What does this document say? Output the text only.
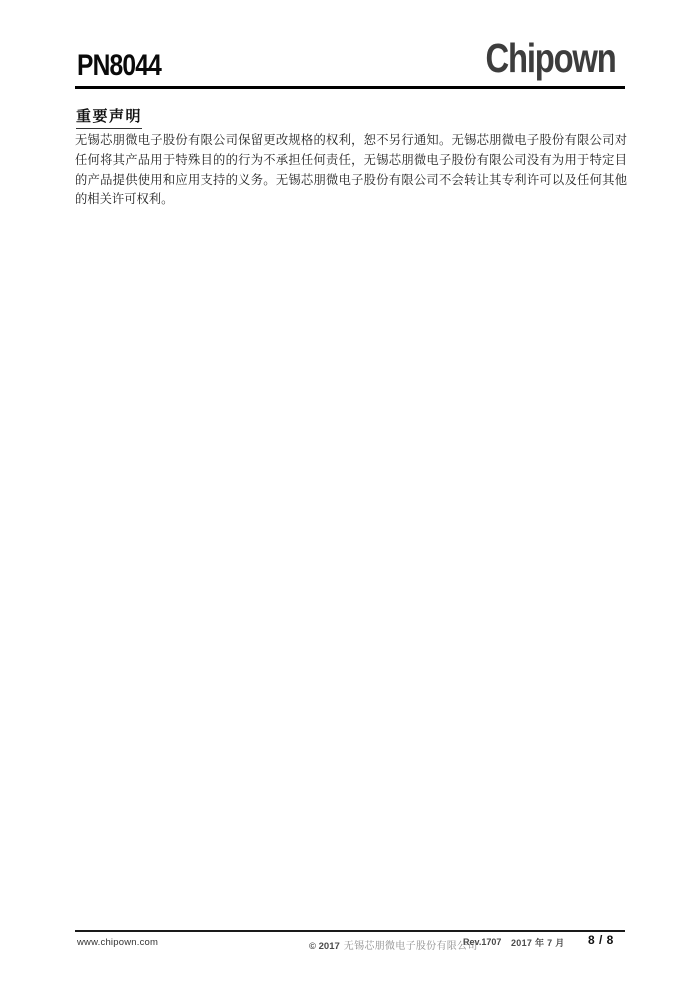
PN8044	Chipown
重要声明

无锡芯朋微电子股份有限公司保留更改规格的权利，恕不另行通知。无锡芯朋微电子股份有限公司对任何将其产品用于特殊目的的行为不承担任何责任，无锡芯朋微电子股份有限公司没有为用于特定目的产品提供使用和应用支持的义务。无锡芯朋微电子股份有限公司不会转让其专利许可以及任何其他的相关许可权利。

www.chipown.com	© 2017 无锡芯朋微电子股份有限公司
Rev.1707 2017 年 7 月 8 / 8
